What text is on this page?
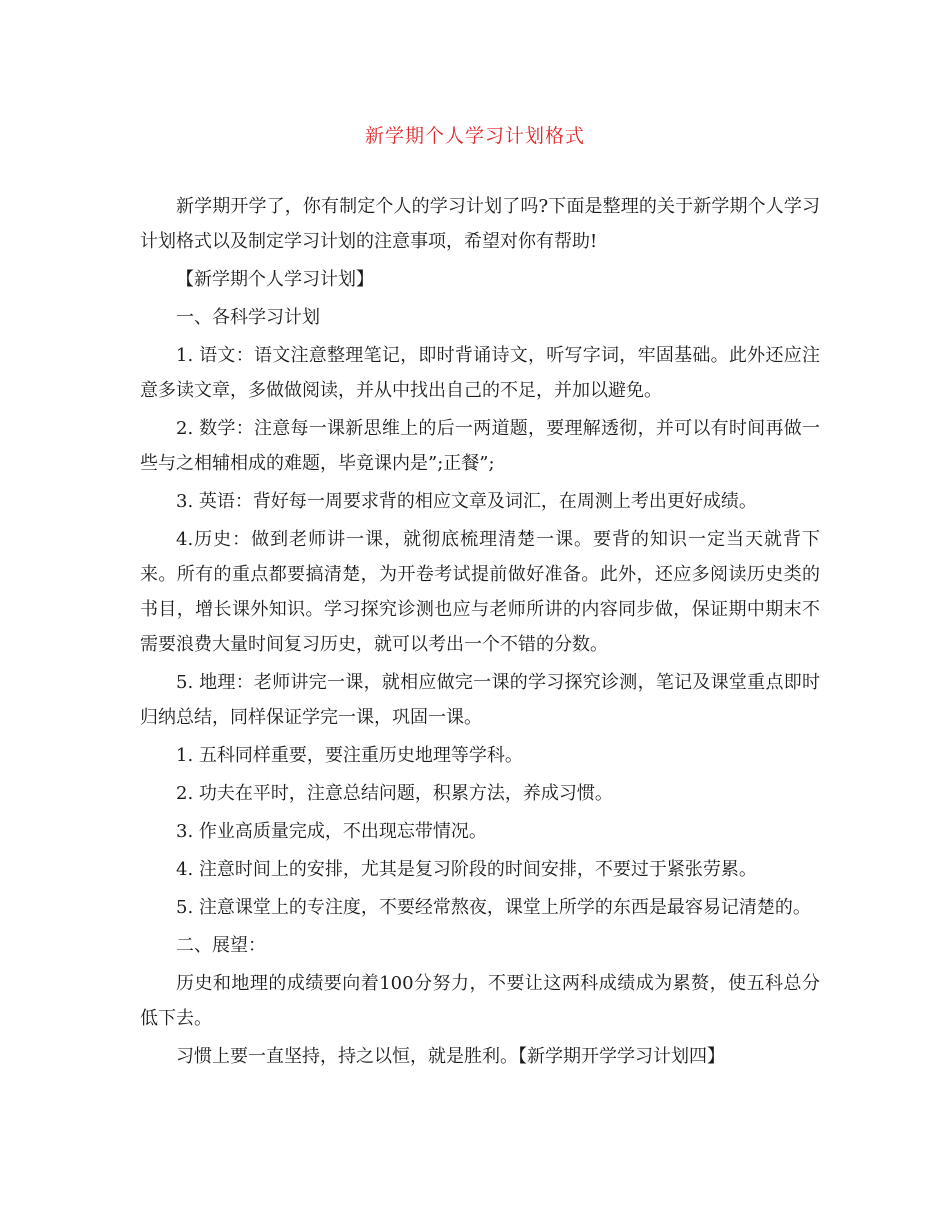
新学期个人学习计划格式

新学期开学了，你有制定个人的学习计划了吗?下面是整理的关于新学期个人学习计划格式以及制定学习计划的注意事项，希望对你有帮助!

【新学期个人学习计划】

一、各科学习计划

1. 语文：语文注意整理笔记，即时背诵诗文，听写字词，牢固基础。此外还应注意多读文章，多做做阅读，并从中找出自己的不足，并加以避免。

2. 数学：注意每一课新思维上的后一两道题，要理解透彻，并可以有时间再做一些与之相辅相成的难题，毕竟课内是”;正餐”;

3. 英语：背好每一周要求背的相应文章及词汇，在周测上考出更好成绩。

4.历史：做到老师讲一课，就彻底梳理清楚一课。要背的知识一定当天就背下来。所有的重点都要搞清楚，为开卷考试提前做好准备。此外，还应多阅读历史类的书目，增长课外知识。学习探究诊测也应与老师所讲的内容同步做，保证期中期末不需要浪费大量时间复习历史，就可以考出一个不错的分数。

5. 地理：老师讲完一课，就相应做完一课的学习探究诊测，笔记及课堂重点即时归纳总结，同样保证学完一课，巩固一课。

1. 五科同样重要，要注重历史地理等学科。

2. 功夫在平时，注意总结问题，积累方法，养成习惯。

3. 作业高质量完成，不出现忘带情况。

4. 注意时间上的安排，尤其是复习阶段的时间安排，不要过于紧张劳累。

5. 注意课堂上的专注度，不要经常熬夜，课堂上所学的东西是最容易记清楚的。

二、展望：

历史和地理的成绩要向着100分努力，不要让这两科成绩成为累赘，使五科总分低下去。

习惯上要一直坚持，持之以恒，就是胜利。【新学期开学学习计划四】
